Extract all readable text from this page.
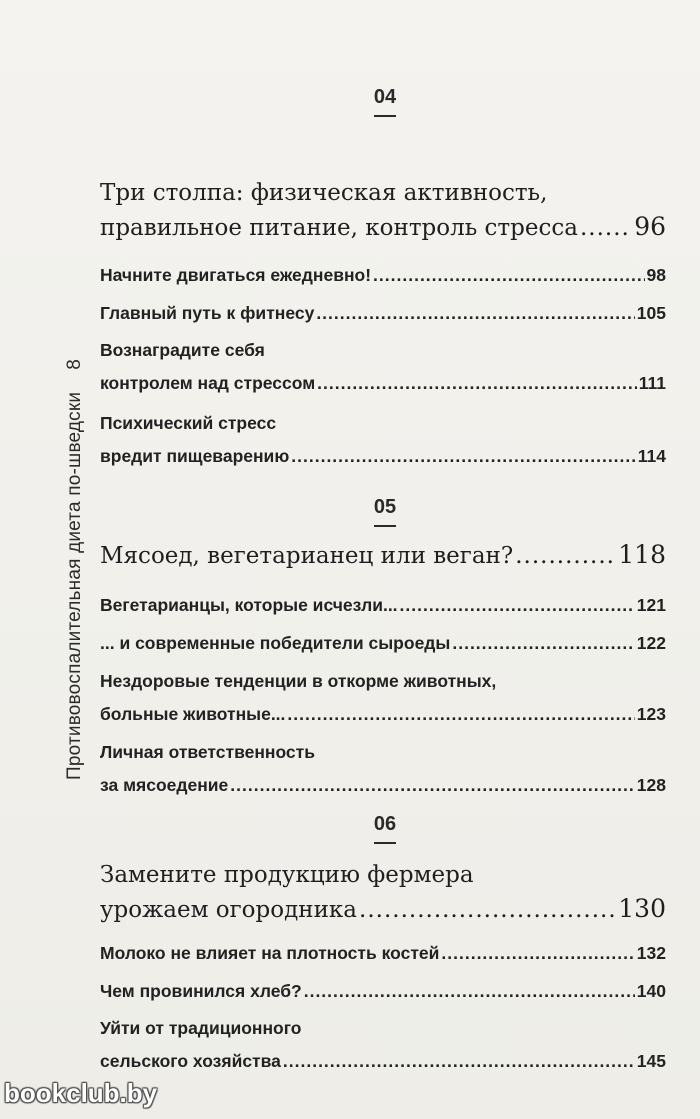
Противовоспалительная диета по-шведски8
04
Три столпа: физическая активность,
правильное питание, контроль стресса ..... 96
Начните двигаться ежедневно! .....	98
Главный путь к фитнесу .....	105
Вознаградите себя
контролем над стрессом .....	111
Психический стресс
вредит пищеварению .....	114
05
Мясоед, вегетарианец или веган? .....	118
Вегетарианцы, которые исчезли... .....	121
... и современные победители сыроеды .....	122
Нездоровые тенденции в откорме животных,
больные животные... .....	123
Личная ответственность
за мясоедение .....	128
06
Замените продукцию фермера
урожаем огородника .....	130
Молоко не влияет на плотность костей .....	132
Чем провинился хлеб? .....	140
Уйти от традиционного
сельского хозяйства .....	145
bookclub.by
